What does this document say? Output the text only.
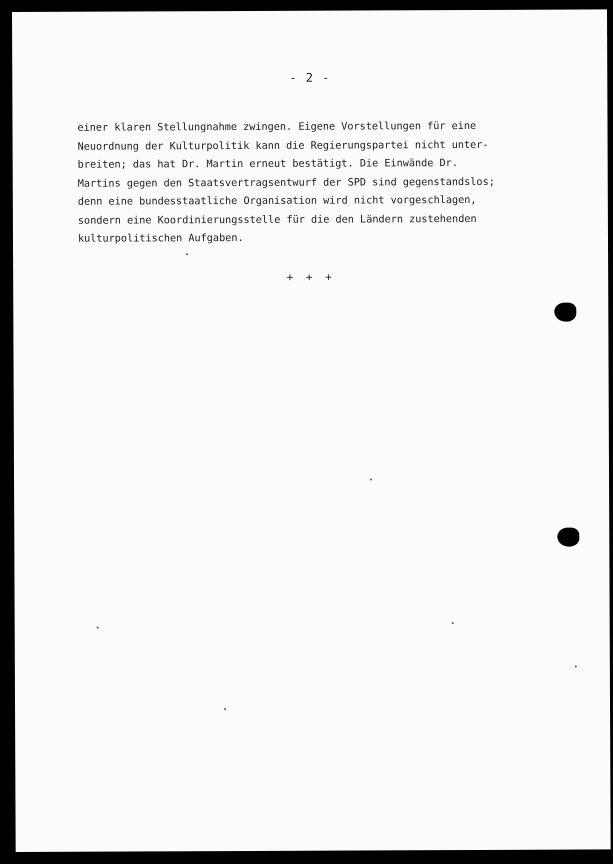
- 2 -
einer klaren Stellungnahme zwingen. Eigene Vorstellungen für eine
Neuordnung der Kulturpolitik kann die Regierungspartei nicht unter-
breiten; das hat Dr. Martin erneut bestätigt. Die Einwände Dr.
Martins gegen den Staatsvertragsentwurf der SPD sind gegenstandslos;
denn eine bundesstaatliche Organisation wird nicht vorgeschlagen,
sondern eine Koordinierungsstelle für die den Ländern zustehenden
kulturpolitischen Aufgaben.
+ + +
